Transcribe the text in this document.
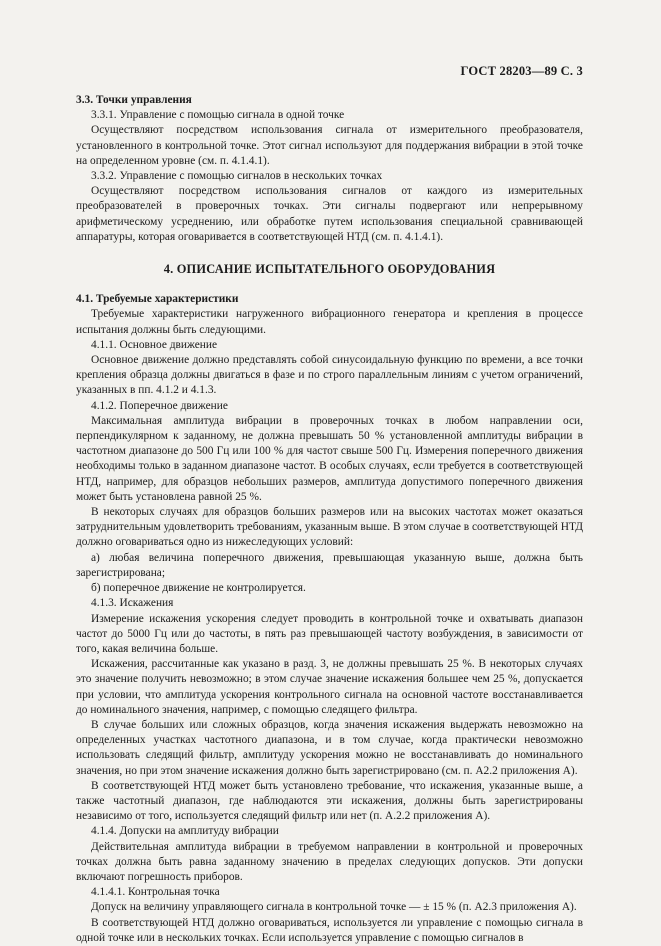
ГОСТ 28203—89 С. 3

3.3. Точки управления

3.3.1. Управление с помощью сигнала в одной точке

Осуществляют посредством использования сигнала от измерительного преобразователя, установленного в контрольной точке. Этот сигнал используют для поддержания вибрации в этой точке на определенном уровне (см. п. 4.1.4.1).

3.3.2. Управление с помощью сигналов в нескольких точках

Осуществляют посредством использования сигналов от каждого из измерительных преобразователей в проверочных точках. Эти сигналы подвергают или непрерывному арифметическому усреднению, или обработке путем использования специальной сравнивающей аппаратуры, которая оговаривается в соответствующей НТД (см. п. 4.1.4.1).

4. ОПИСАНИЕ ИСПЫТАТЕЛЬНОГО ОБОРУДОВАНИЯ

4.1. Требуемые характеристики

Требуемые характеристики нагруженного вибрационного генератора и крепления в процессе испытания должны быть следующими.

4.1.1. Основное движение

Основное движение должно представлять собой синусоидальную функцию по времени, а все точки крепления образца должны двигаться в фазе и по строго параллельным линиям с учетом ограничений, указанных в пп. 4.1.2 и 4.1.3.

4.1.2. Поперечное движение

Максимальная амплитуда вибрации в проверочных точках в любом направлении оси, перпендикулярном к заданному, не должна превышать 50 % установленной амплитуды вибрации в частотном диапазоне до 500 Гц или 100 % для частот свыше 500 Гц. Измерения поперечного движения необходимы только в заданном диапазоне частот. В особых случаях, если требуется в соответствующей НТД, например, для образцов небольших размеров, амплитуда допустимого поперечного движения может быть установлена равной 25 %.

В некоторых случаях для образцов больших размеров или на высоких частотах может оказаться затруднительным удовлетворить требованиям, указанным выше. В этом случае в соответствующей НТД должно оговариваться одно из нижеследующих условий:

а) любая величина поперечного движения, превышающая указанную выше, должна быть зарегистрирована;

б) поперечное движение не контролируется.

4.1.3. Искажения

Измерение искажения ускорения следует проводить в контрольной точке и охватывать диапазон частот до 5000 Гц или до частоты, в пять раз превышающей частоту возбуждения, в зависимости от того, какая величина больше.

Искажения, рассчитанные как указано в разд. 3, не должны превышать 25 %. В некоторых случаях это значение получить невозможно; в этом случае значение искажения большее чем 25 %, допускается при условии, что амплитуда ускорения контрольного сигнала на основной частоте восстанавливается до номинального значения, например, с помощью следящего фильтра.

В случае больших или сложных образцов, когда значения искажения выдержать невозможно на определенных участках частотного диапазона, и в том случае, когда практически невозможно использовать следящий фильтр, амплитуду ускорения можно не восстанавливать до номинального значения, но при этом значение искажения должно быть зарегистрировано (см. п. А2.2 приложения А).

В соответствующей НТД может быть установлено требование, что искажения, указанные выше, а также частотный диапазон, где наблюдаются эти искажения, должны быть зарегистрированы независимо от того, используется следящий фильтр или нет (п. А.2.2 приложения А).

4.1.4. Допуски на амплитуду вибрации

Действительная амплитуда вибрации в требуемом направлении в контрольной и проверочных точках должна быть равна заданному значению в пределах следующих допусков. Эти допуски включают погрешность приборов.

4.1.4.1. Контрольная точка

Допуск на величину управляющего сигнала в контрольной точке — ± 15 % (п. А2.3 приложения А).

В соответствующей НТД должно оговариваться, используется ли управление с помощью сигнала в одной точке или в нескольких точках. Если используется управление с помощью сигналов в
